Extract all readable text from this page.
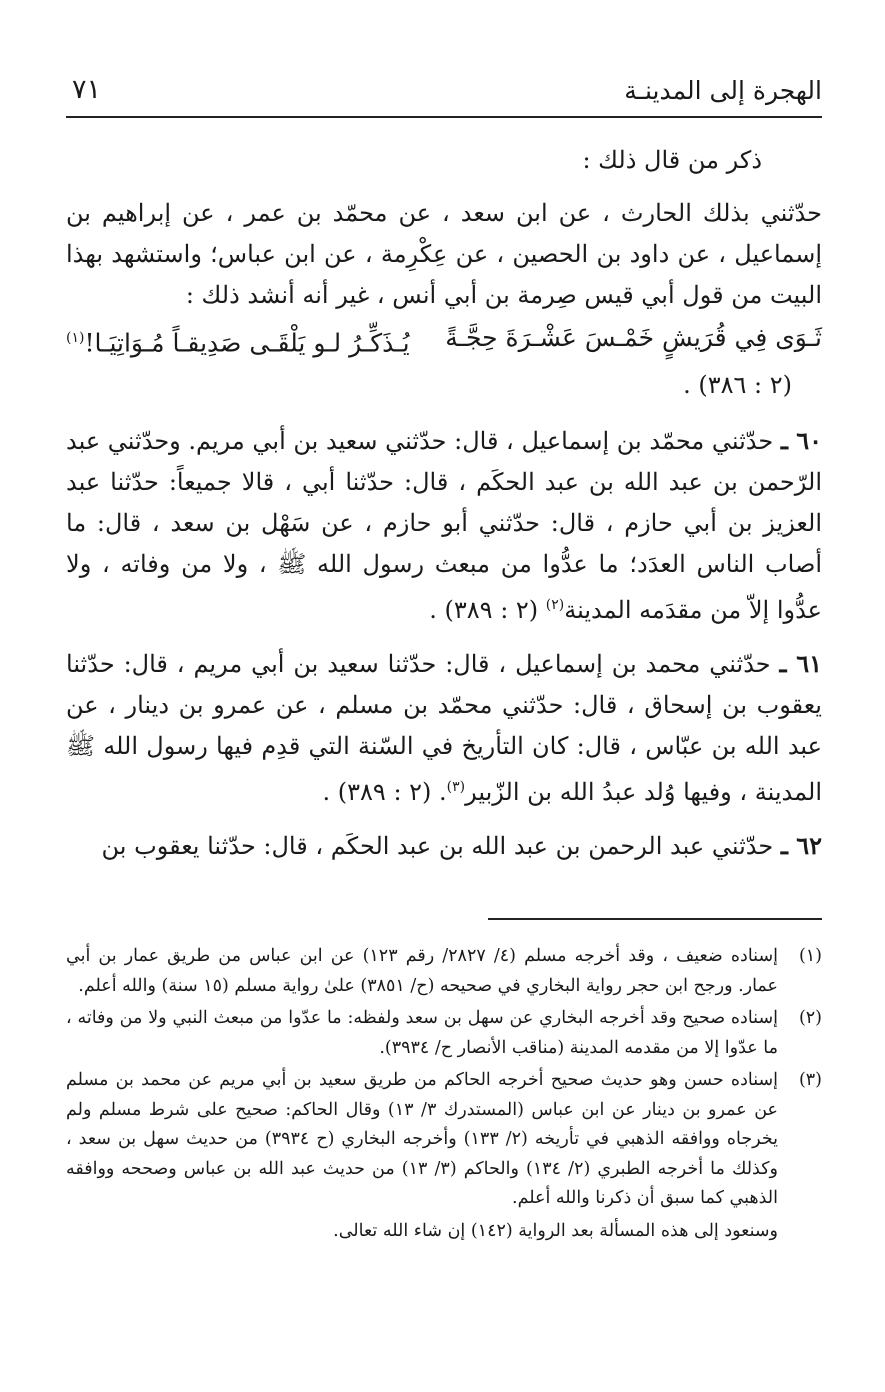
الهجرة إلى المدينـة
٧١

ذكر من قال ذلك :

حدّثني بذلك الحارث ، عن ابن سعد ، عن محمّد بن عمر ، عن إبراهيم بن إسماعيل ، عن داود بن الحصين ، عن عِكْرِمة ، عن ابن عباس؛ واستشهد بهذا البيت من قول أبي قيس صِرمة بن أبي أنس ، غير أنه أنشد ذلك :

ثَـوَى فِي قُرَيشٍ خَمْـسَ عَشْـرَةَ حِجَّـةً
يُـذَكِّـرُ لـو يَلْقَـى صَدِيقـاً مُـوَاتِيَـا!$^{(١)}$

(٢ : ٣٨٦) .

٦٠ ـ حدّثني محمّد بن إسماعيل ، قال: حدّثني سعيد بن أبي مريم. وحدّثني عبد الرّحمن بن عبد الله بن عبد الحكَم ، قال: حدّثنا أبي ، قالا جميعاً: حدّثنا عبد العزيز بن أبي حازم ، قال: حدّثني أبو حازم ، عن سَهْل بن سعد ، قال: ما أصاب الناس العدَد؛ ما عدُّوا من مبعث رسول الله ﷺ ، ولا من وفاته ، ولا عدُّوا إلاّ من مقدَمه المدينة$^{(٢)}$ (٢ : ٣٨٩) .

٦١ ـ حدّثني محمد بن إسماعيل ، قال: حدّثنا سعيد بن أبي مريم ، قال: حدّثنا يعقوب بن إسحاق ، قال: حدّثني محمّد بن مسلم ، عن عمرو بن دينار ، عن عبد الله بن عبّاس ، قال: كان التأريخ في السّنة التي قدِم فيها رسول الله ﷺ المدينة ، وفيها وُلد عبدُ الله بن الزّبير$^{(٣)}$. (٢ : ٣٨٩) .

٦٢ ـ حدّثني عبد الرحمن بن عبد الله بن عبد الحكَم ، قال: حدّثنا يعقوب بن

(١)
إسناده ضعيف ، وقد أخرجه مسلم (٤/ ٢٨٢٧/ رقم ١٢٣) عن ابن عباس من طريق عمار بن أبي عمار. ورجح ابن حجر رواية البخاري في صحيحه (ح/ ٣٨٥١) علىٰ رواية مسلم (١٥ سنة) والله أعلم.
(٢)
إسناده صحيح وقد أخرجه البخاري عن سهل بن سعد ولفظه: ما عدّوا من مبعث النبي ولا من وفاته ، ما عدّوا إلا من مقدمه المدينة (مناقب الأنصار ح/ ٣٩٣٤).
(٣)
إسناده حسن وهو حديث صحيح أخرجه الحاكم من طريق سعيد بن أبي مريم عن محمد بن مسلم عن عمرو بن دينار عن ابن عباس (المستدرك ٣/ ١٣) وقال الحاكم: صحيح على شرط مسلم ولم يخرجاه ووافقه الذهبي في تأريخه (٢/ ١٣٣) وأخرجه البخاري (ح ٣٩٣٤) من حديث سهل بن سعد ، وكذلك ما أخرجه الطبري (٢/ ١٣٤) والحاكم (٣/ ١٣) من حديث عبد الله بن عباس وصححه ووافقه الذهبي كما سبق أن ذكرنا والله أعلم.
وسنعود إلى هذه المسألة بعد الرواية (١٤٢) إن شاء الله تعالى.
